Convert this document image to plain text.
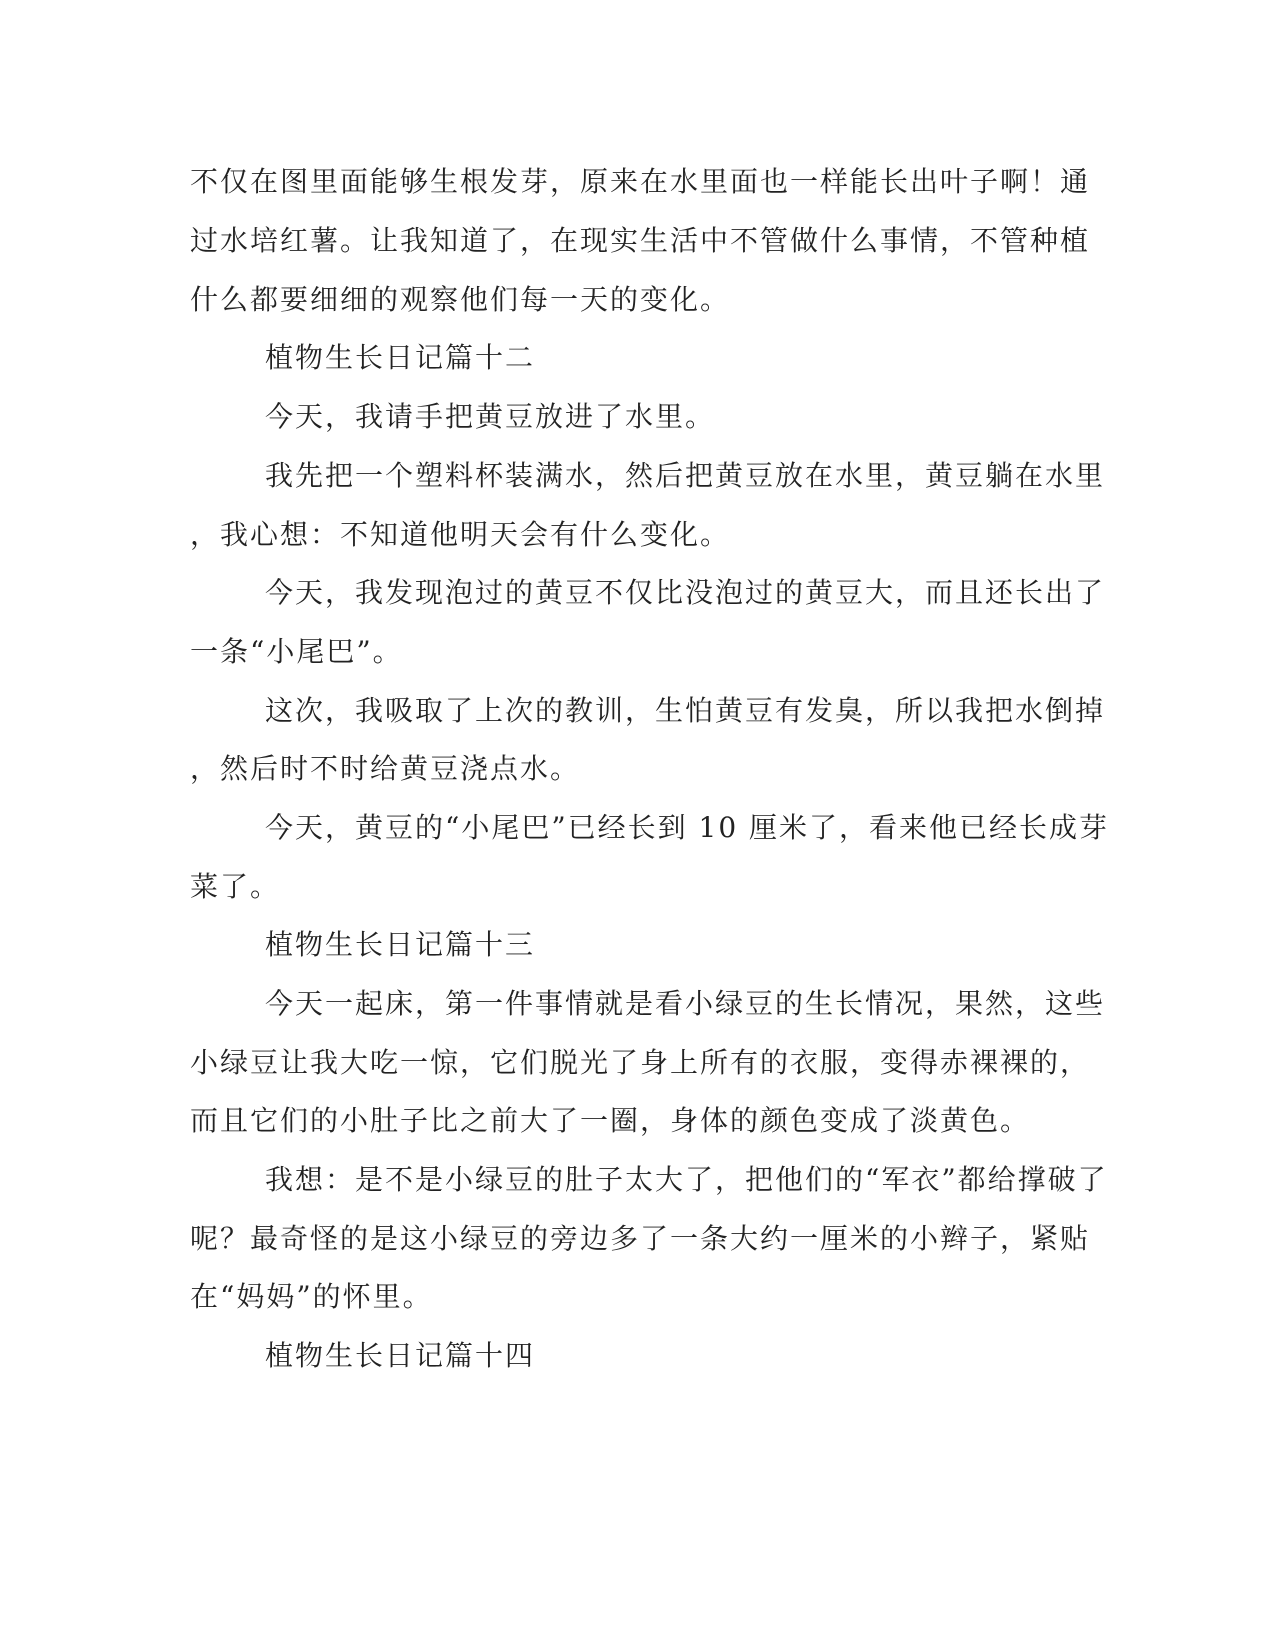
不仅在图里面能够生根发芽，原来在水里面也一样能长出叶子啊！通
过水培红薯。让我知道了，在现实生活中不管做什么事情，不管种植
什么都要细细的观察他们每一天的变化。
植物生长日记篇十二
今天，我请手把黄豆放进了水里。
我先把一个塑料杯装满水，然后把黄豆放在水里，黄豆躺在水里
，我心想：不知道他明天会有什么变化。
今天，我发现泡过的黄豆不仅比没泡过的黄豆大，而且还长出了
一条“小尾巴”。
这次，我吸取了上次的教训，生怕黄豆有发臭，所以我把水倒掉
，然后时不时给黄豆浇点水。
今天，黄豆的“小尾巴”已经长到 10 厘米了，看来他已经长成芽
菜了。
植物生长日记篇十三
今天一起床，第一件事情就是看小绿豆的生长情况，果然，这些
小绿豆让我大吃一惊，它们脱光了身上所有的衣服，变得赤裸裸的，
而且它们的小肚子比之前大了一圈，身体的颜色变成了淡黄色。
我想：是不是小绿豆的肚子太大了，把他们的“军衣”都给撑破了
呢？最奇怪的是这小绿豆的旁边多了一条大约一厘米的小辫子，紧贴
在“妈妈”的怀里。
植物生长日记篇十四
